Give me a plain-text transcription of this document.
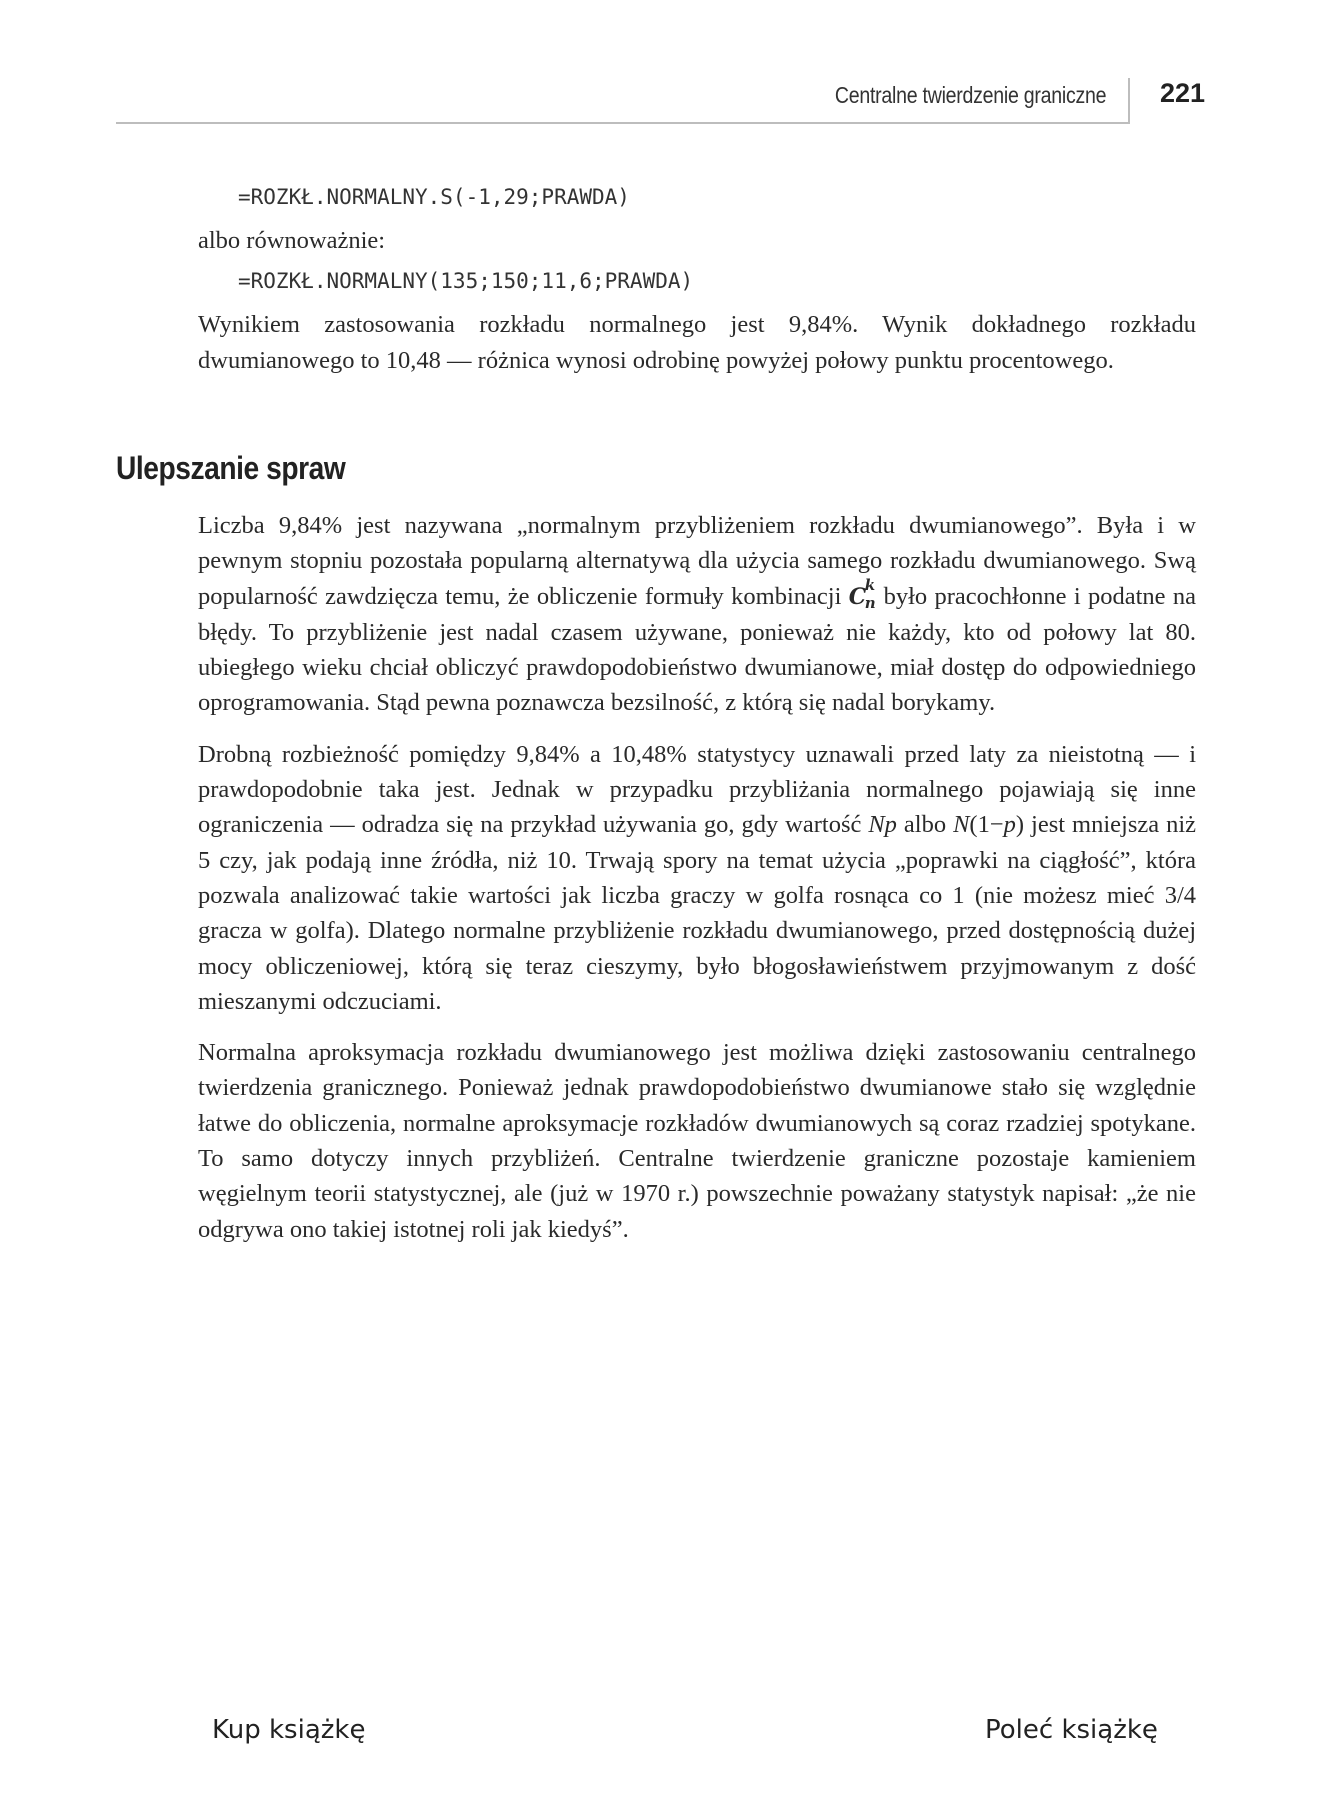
Centralne twierdzenie graniczne 221
=ROZKŁ.NORMALNY.S(-1,29;PRAWDA)

albo równoważnie:

=ROZKŁ.NORMALNY(135;150;11,6;PRAWDA)

Wynikiem zastosowania rozkładu normalnego jest 9,84%. Wynik dokładnego rozkładu

dwumianowego to 10,48 — różnica wynosi odrobinę powyżej połowy punktu procentowego.

Ulepszanie spraw

Liczba 9,84% jest nazywana „normalnym przybliżeniem rozkładu dwumianowego”. Była i w pewnym stopniu pozostała popularną alternatywą dla użycia samego rozkładu dwumianowego. Swą popularność zawdzięcza temu, że obliczenie formuły kombinacji C
k
n było pracochłonne i podatne na błędy. To przybliżenie jest nadal czasem używane, ponieważ nie każdy, kto od połowy lat 80. ubiegłego wieku chciał obliczyć prawdopodobieństwo dwumianowe, miał dostęp do odpowiedniego oprogramowania. Stąd pewna poznawcza bezsilność, z którą się nadal borykamy.

Drobną rozbieżność pomiędzy 9,84% a 10,48% statystycy uznawali przed laty za nieistotną — i prawdopodobnie taka jest. Jednak w przypadku przybliżania normalnego pojawiają się inne ograniczenia — odradza się na przykład używania go, gdy wartość Np albo N(1−p) jest mniejsza niż 5 czy, jak podają inne źródła, niż 10. Trwają spory na temat użycia „poprawki na ciągłość”, która pozwala analizować takie wartości jak liczba graczy w golfa rosnąca co 1 (nie możesz mieć 3/4 gracza w golfa). Dlatego normalne przybliżenie rozkładu dwumianowego, przed dostępnością dużej mocy obliczeniowej, którą się teraz cieszymy, było błogosławieństwem przyjmowanym z dość mieszanymi odczuciami.

Normalna aproksymacja rozkładu dwumianowego jest możliwa dzięki zastosowaniu centralnego twierdzenia granicznego. Ponieważ jednak prawdopodobieństwo dwumianowe stało się względnie łatwe do obliczenia, normalne aproksymacje rozkładów dwumianowych są coraz rzadziej spotykane. To samo dotyczy innych przybliżeń. Centralne twierdzenie graniczne pozostaje kamieniem węgielnym teorii statystycznej, ale (już w 1970 r.) powszechnie poważany statystyk napisał: „że nie odgrywa ono takiej istotnej roli jak kiedyś”.

Kup książkę	Poleć książkę
